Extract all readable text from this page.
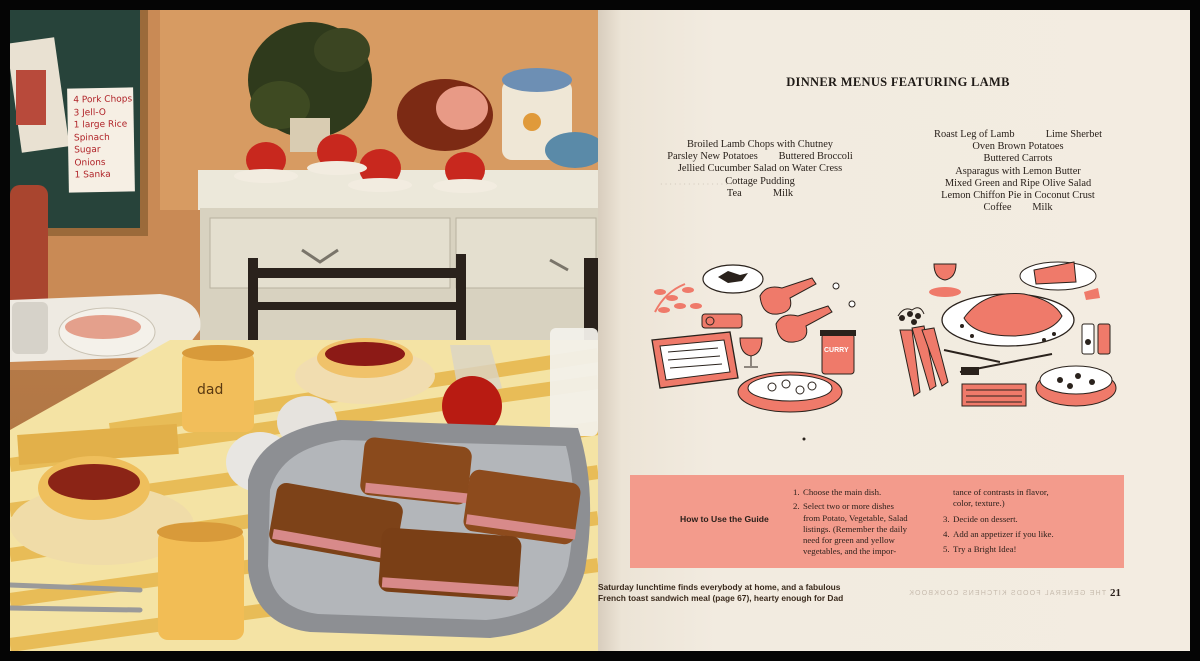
4 Pork Chops
3 Jell-O
1 large Rice
Spinach
Sugar
Onions
1 Sanka
dad
· · · · · · · · · · · · · · · ·
DINNER MENUS FEATURING LAMB
Broiled Lamb Chops with Chutney
Parsley New Potatoes  Buttered Broccoli
Jellied Cucumber Salad on Water Cress
Cottage Pudding
Tea   Milk
Roast Leg of Lamb   Lime Sherbet
Oven Brown Potatoes
Buttered Carrots
Asparagus with Lemon Butter
Mixed Green and Ripe Olive Salad
Lemon Chiffon Pie in Coconut Crust
Coffee  Milk
CURRY
How to Use the Guide
1. Choose the main dish.
2. Select two or more dishes
from Potato, Vegetable, Salad
listings. (Remember the daily
need for green and yellow
vegetables, and the impor-
tance of contrasts in flavor,
color, texture.)
3. Decide on dessert.
4. Add an appetizer if you like.
5. Try a Bright Idea!
Saturday lunchtime finds everybody at home, and a fabulous
French toast sandwich meal (page 67), hearty enough for Dad	THE GENERAL FOODS KITCHENS COOKBOOK 21
